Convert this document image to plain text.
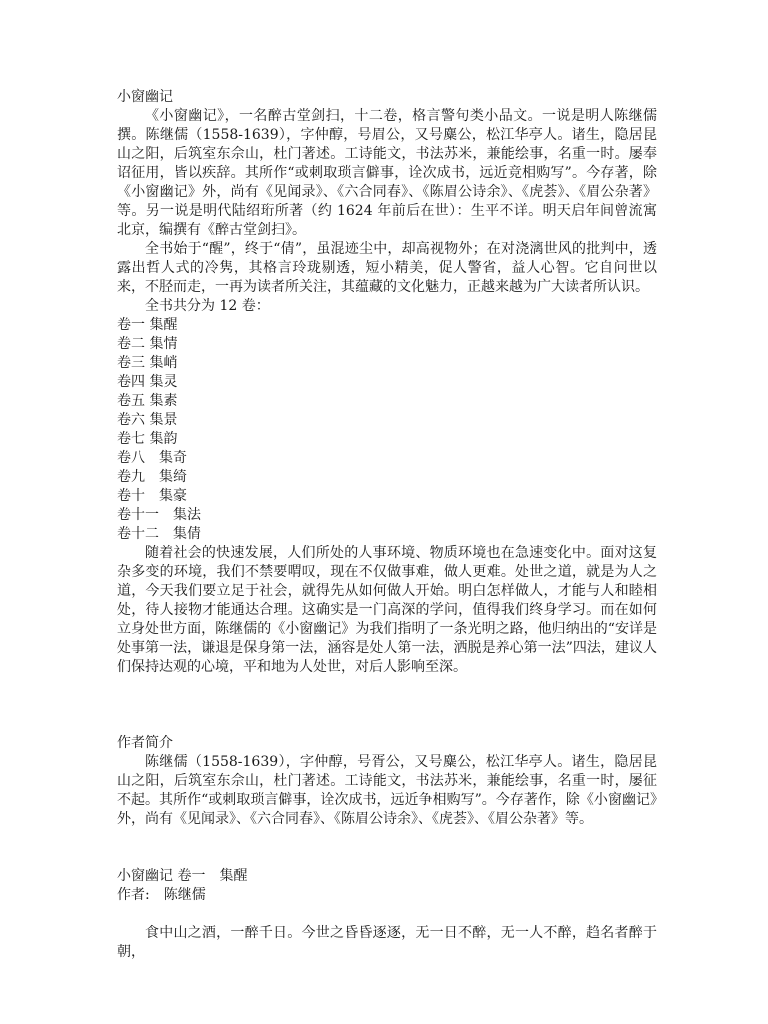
小窗幽记

《小窗幽记》，一名醉古堂剑扫，十二卷，格言警句类小品文。一说是明人陈继儒撰。陈继儒（1558-1639），字仲醇，号眉公，又号麋公，松江华亭人。诸生，隐居昆山之阳，后筑室东佘山，杜门著述。工诗能文，书法苏米，兼能绘事，名重一时。屡奉诏征用，皆以疾辞。其所作“或刺取琐言僻事，诠次成书，远近竞相购写”。今存著，除《小窗幽记》外，尚有《见闻录》、《六合同春》、《陈眉公诗余》、《虎荟》、《眉公杂著》等。另一说是明代陆绍珩所著（约 1624 年前后在世）：生平不详。明天启年间曾流寓北京，编撰有《醉古堂剑扫》。

全书始于“醒”，终于“倩”，虽混迹尘中，却高视物外；在对浇漓世风的批判中，透露出哲人式的冷隽，其格言玲珑剔透，短小精美，促人警省，益人心智。它自问世以来，不胫而走，一再为读者所关注，其蕴藏的文化魅力，正越来越为广大读者所认识。

全书共分为 12 卷：

卷一 集醒

卷二 集情

卷三 集峭

卷四 集灵

卷五 集素

卷六 集景

卷七 集韵

卷八　集奇

卷九　集绮

卷十　集豪

卷十一　集法

卷十二　集倩

随着社会的快速发展，人们所处的人事环境、物质环境也在急速变化中。面对这复杂多变的环境，我们不禁要喟叹，现在不仅做事难，做人更难。处世之道，就是为人之道，今天我们要立足于社会，就得先从如何做人开始。明白怎样做人，才能与人和睦相处，待人接物才能通达合理。这确实是一门高深的学问，值得我们终身学习。而在如何立身处世方面，陈继儒的《小窗幽记》为我们指明了一条光明之路，他归纳出的“安详是处事第一法，谦退是保身第一法，涵容是处人第一法，洒脱是养心第一法”四法，建议人们保持达观的心境，平和地为人处世，对后人影响至深。

作者简介

陈继儒（1558-1639），字仲醇，号胥公，又号麋公，松江华亭人。诸生，隐居昆山之阳，后筑室东佘山，杜门著述。工诗能文，书法苏米，兼能绘事，名重一时，屡征不起。其所作“或刺取琐言僻事，诠次成书，远近争相购写”。今存著作，除《小窗幽记》外，尚有《见闻录》、《六合同春》、《陈眉公诗余》、《虎荟》、《眉公杂著》等。

小窗幽记 卷一　集醒

作者:　陈继儒

食中山之酒，一醉千日。今世之昏昏逐逐，无一日不醉，无一人不醉，趋名者醉于朝，
